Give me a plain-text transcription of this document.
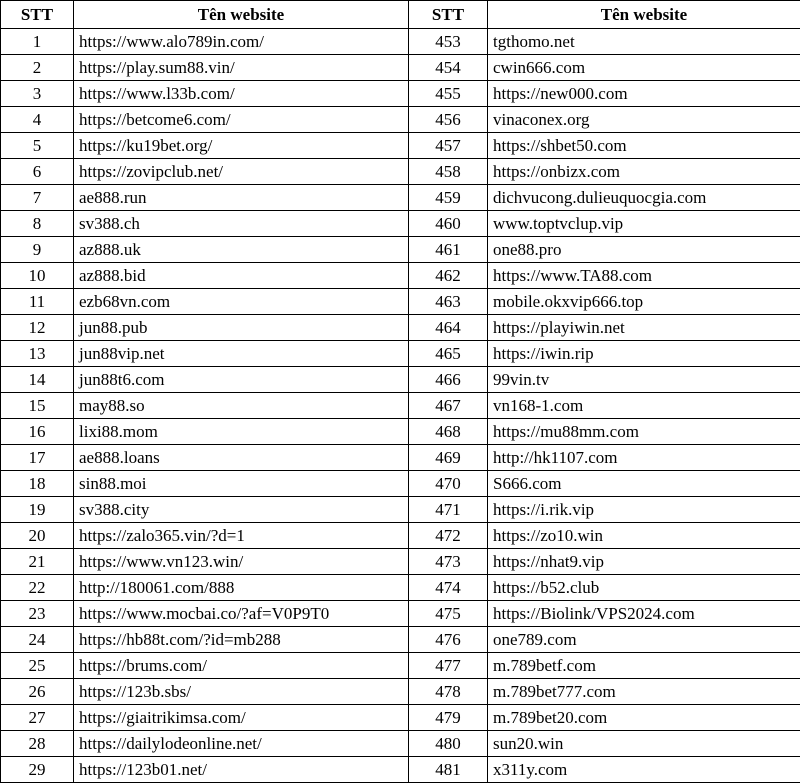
STT	Tên website	STT	Tên website
1	https://www.alo789in.com/	453	tgthomo.net
2	https://play.sum88.vin/	454	cwin666.com
3	https://www.l33b.com/	455	https://new000.com
4	https://betcome6.com/	456	vinaconex.org
5	https://ku19bet.org/	457	https://shbet50.com
6	https://zovipclub.net/	458	https://onbizx.com
7	ae888.run	459	dichvucong.dulieuquocgia.com
8	sv388.ch	460	www.toptvclup.vip
9	az888.uk	461	one88.pro
10	az888.bid	462	https://www.TA88.com
11	ezb68vn.com	463	mobile.okxvip666.top
12	jun88.pub	464	https://playiwin.net
13	jun88vip.net	465	https://iwin.rip
14	jun88t6.com	466	99vin.tv
15	may88.so	467	vn168-1.com
16	lixi88.mom	468	https://mu88mm.com
17	ae888.loans	469	http://hk1107.com
18	sin88.moi	470	S666.com
19	sv388.city	471	https://i.rik.vip
20	https://zalo365.vin/?d=1	472	https://zo10.win
21	https://www.vn123.win/	473	https://nhat9.vip
22	http://180061.com/888	474	https://b52.club
23	https://www.mocbai.co/?af=V0P9T0	475	https://Biolink/VPS2024.com
24	https://hb88t.com/?id=mb288	476	one789.com
25	https://brums.com/	477	m.789betf.com
26	https://123b.sbs/	478	m.789bet777.com
27	https://giaitrikimsa.com/	479	m.789bet20.com
28	https://dailylodeonline.net/	480	sun20.win
29	https://123b01.net/	481	x311y.com
